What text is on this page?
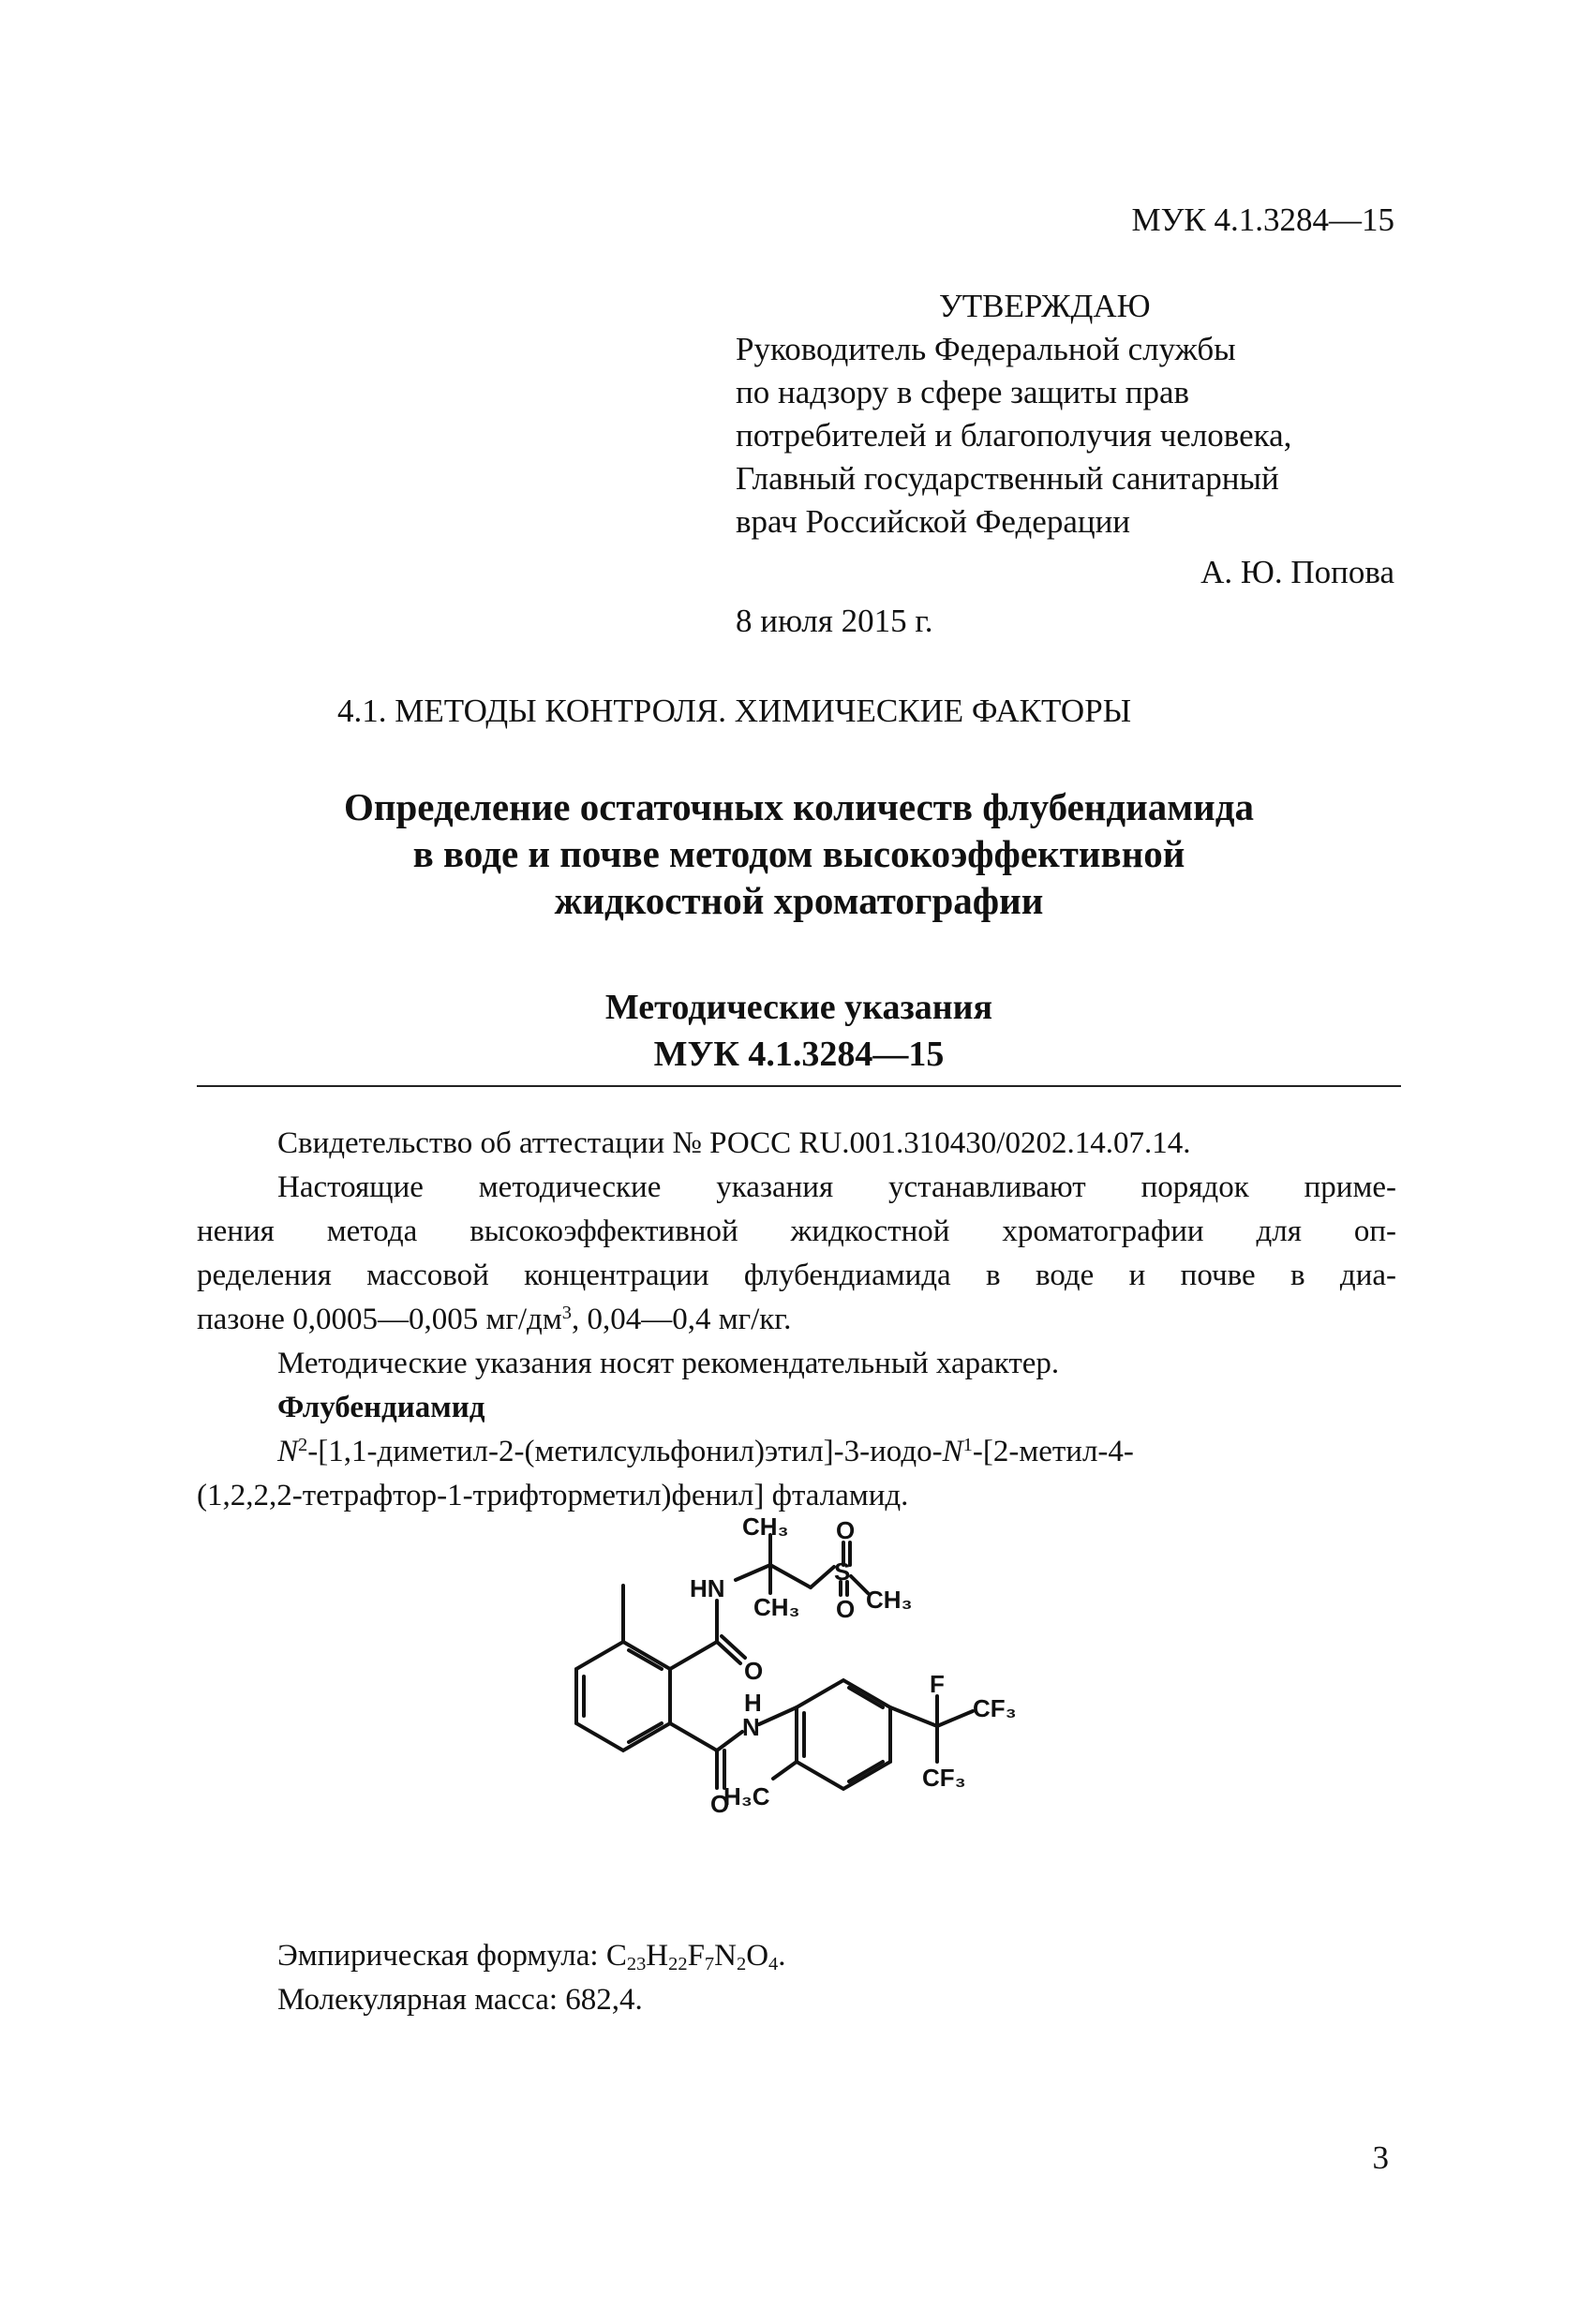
МУК 4.1.3284—15
УТВЕРЖДАЮ
Руководитель Федеральной службы
по надзору в сфере защиты прав
потребителей и благополучия человека,
Главный государственный санитарный
врач Российской Федерации
А. Ю. Попова
8 июля 2015 г.
4.1. МЕТОДЫ КОНТРОЛЯ. ХИМИЧЕСКИЕ ФАКТОРЫ
Определение остаточных количеств флубендиамида
в воде и почве методом высокоэффективной
жидкостной хроматографии
Методические указания
МУК 4.1.3284—15
Свидетельство об аттестации № РОСС RU.001.310430/0202.14.07.14.
Настоящие методические указания устанавливают порядок приме-
нения метода высокоэффективной жидкостной хроматографии для оп-
ределения массовой концентрации флубендиамида в воде и почве в диа-
пазоне 0,0005—0,005 $мг/дм^3$, 0,04—0,4 мг/кг.
Методические указания носят рекомендательный характер.
Флубендиамид
$N^2-[1,1-диметил-2-(метилсульфонил)этил]-3-иодо-N^1-[2-метил-4-$
(1,2,2,2-тетрафтор-1-трифторметил)фенил] фталамид.
CH₃ O
S
CH₃
O
CH₃
HN
O
H
N
O
H₃C
F
CF₃
CF₃
Эмпирическая формула: $C_{23}H_{22}F_7N_2O_4$.
Молекулярная масса: 682,4.
3
